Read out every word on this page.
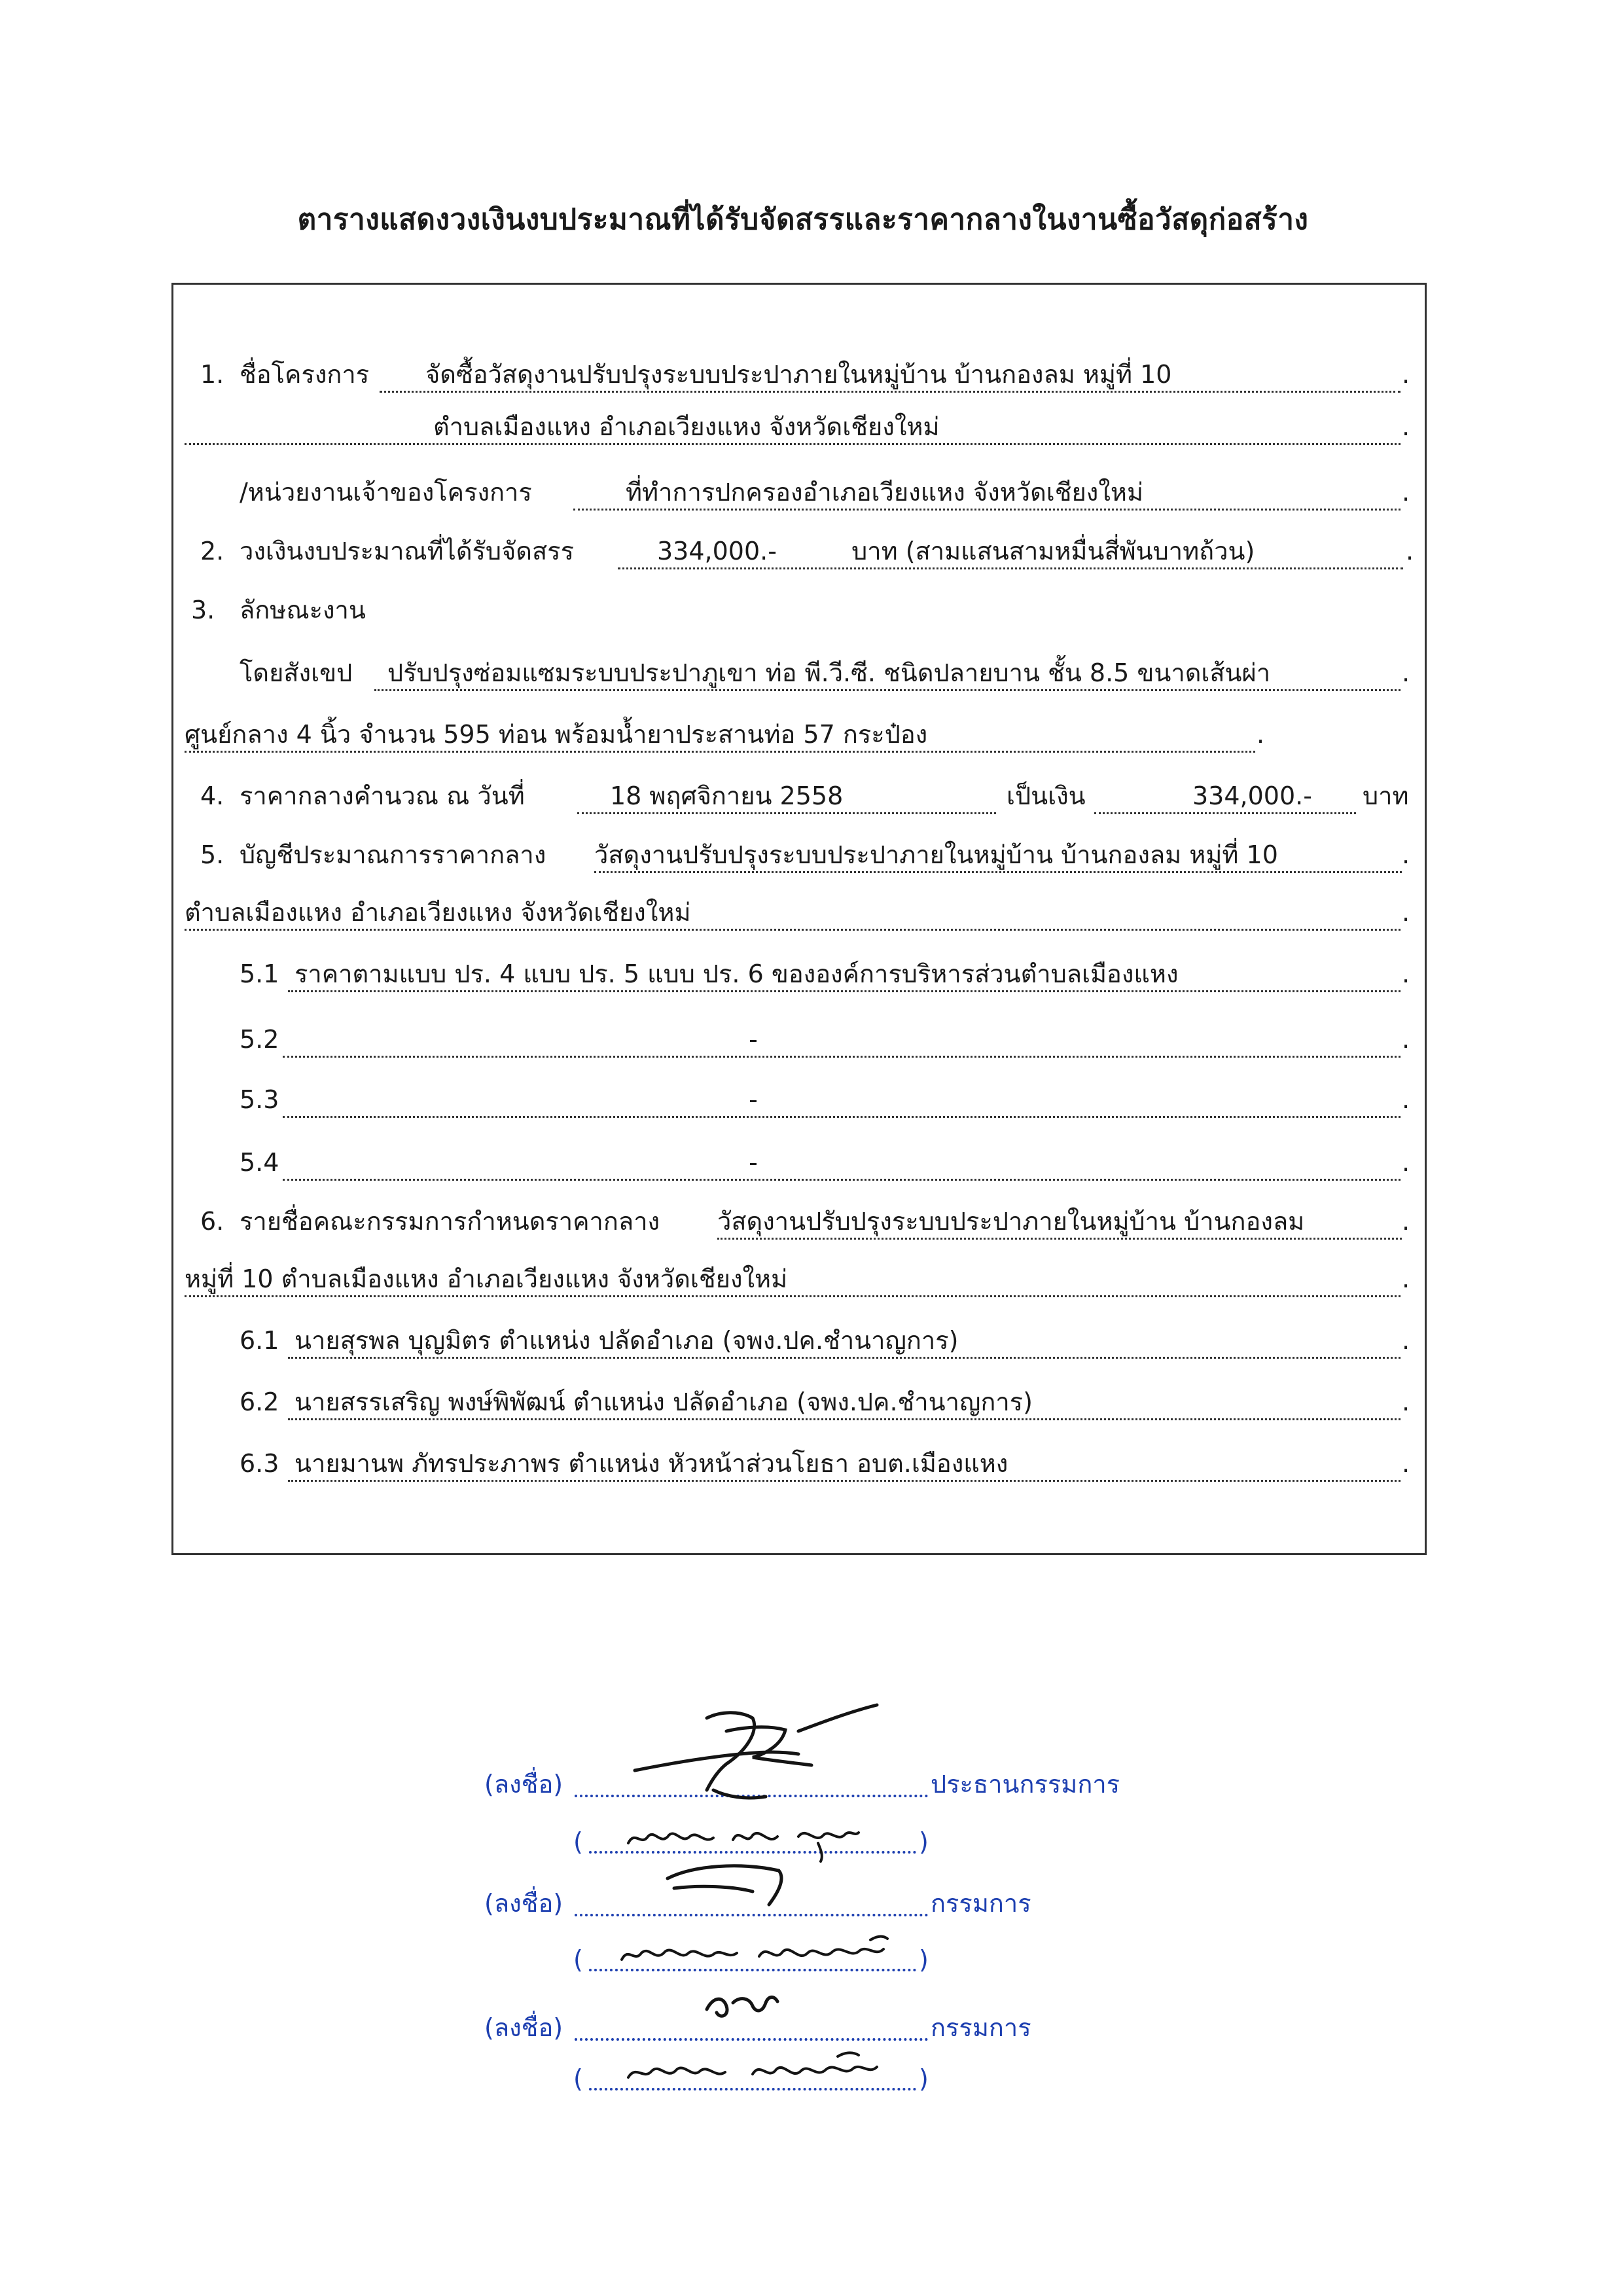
ตารางแสดงวงเงินงบประมาณที่ได้รับจัดสรรและราคากลางในงานซื้อวัสดุก่อสร้าง
1. ชื่อโครงการ	จัดซื้อวัสดุงานปรับปรุงระบบประปาภายในหมู่บ้าน บ้านกองลม หมู่ที่ 10	.
ตำบลเมืองแหง อำเภอเวียงแหง จังหวัดเชียงใหม่	.
/หน่วยงานเจ้าของโครงการ	ที่ทำการปกครองอำเภอเวียงแหง จังหวัดเชียงใหม่	.
2. วงเงินงบประมาณที่ได้รับจัดสรร	334,000.-	บาท (สามแสนสามหมื่นสี่พันบาทถ้วน)	.
3. ลักษณะงาน
โดยสังเขป	ปรับปรุงซ่อมแซมระบบประปาภูเขา ท่อ พี.วี.ซี. ชนิดปลายบาน ชั้น 8.5 ขนาดเส้นผ่า	.
ศูนย์กลาง 4 นิ้ว จำนวน 595 ท่อน พร้อมน้ำยาประสานท่อ 57 กระป๋อง	.
4. ราคากลางคำนวณ ณ วันที่	18 พฤศจิกายน 2558	เป็นเงิน	334,000.-	บาท
5. บัญชีประมาณการราคากลาง วัสดุงานปรับปรุงระบบประปาภายในหมู่บ้าน บ้านกองลม หมู่ที่ 10	.
ตำบลเมืองแหง อำเภอเวียงแหง จังหวัดเชียงใหม่	.
5.1 ราคาตามแบบ ปร. 4 แบบ ปร. 5 แบบ ปร. 6 ขององค์การบริหารส่วนตำบลเมืองแหง	.
5.2	-	.
5.3	-	.
5.4	-	.
6. รายชื่อคณะกรรมการกำหนดราคากลาง วัสดุงานปรับปรุงระบบประปาภายในหมู่บ้าน บ้านกองลม	.
หมู่ที่ 10 ตำบลเมืองแหง อำเภอเวียงแหง จังหวัดเชียงใหม่	.
6.1 นายสุรพล บุญมิตร ตำแหน่ง ปลัดอำเภอ (จพง.ปค.ชำนาญการ)	.
6.2 นายสรรเสริญ พงษ์พิพัฒน์ ตำแหน่ง ปลัดอำเภอ (จพง.ปค.ชำนาญการ)	.
6.3 นายมานพ ภัทรประภาพร ตำแหน่ง หัวหน้าส่วนโยธา อบต.เมืองแหง	.
(ลงชื่อ)	ประธานกรรมการ
(	)
(ลงชื่อ)	กรรมการ
(	)
(ลงชื่อ)	กรรมการ
(	)
